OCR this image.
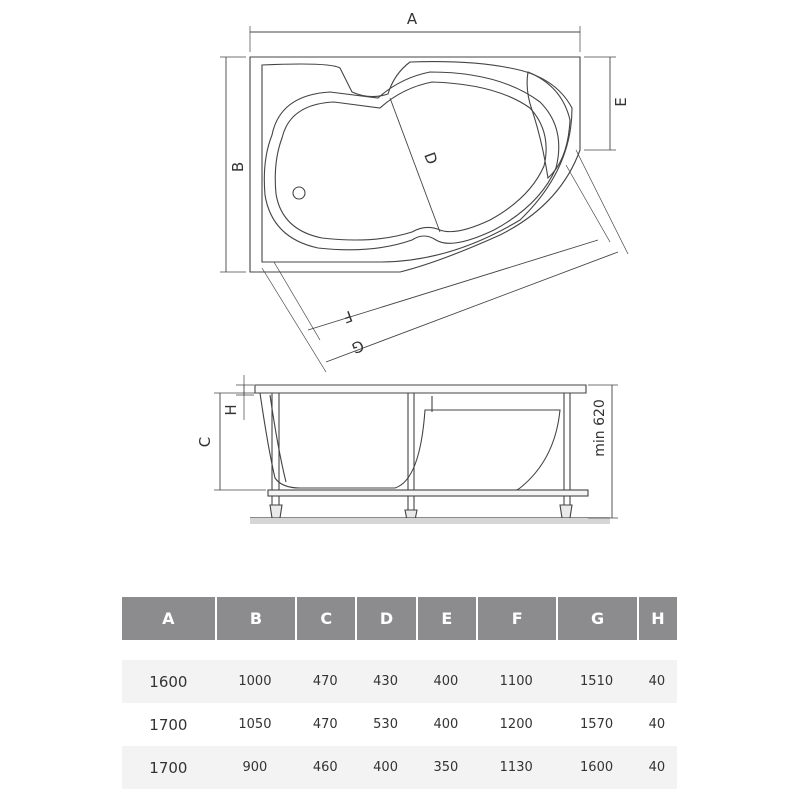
A
B
E
D
F
G
H
C	min 620
A	B	C	D	E	F	G	H

1600	1000	470	430	400	1100	1510	40
1700	1050	470	530	400	1200	1570	40
1700	900	460	400	350	1130	1600	40
